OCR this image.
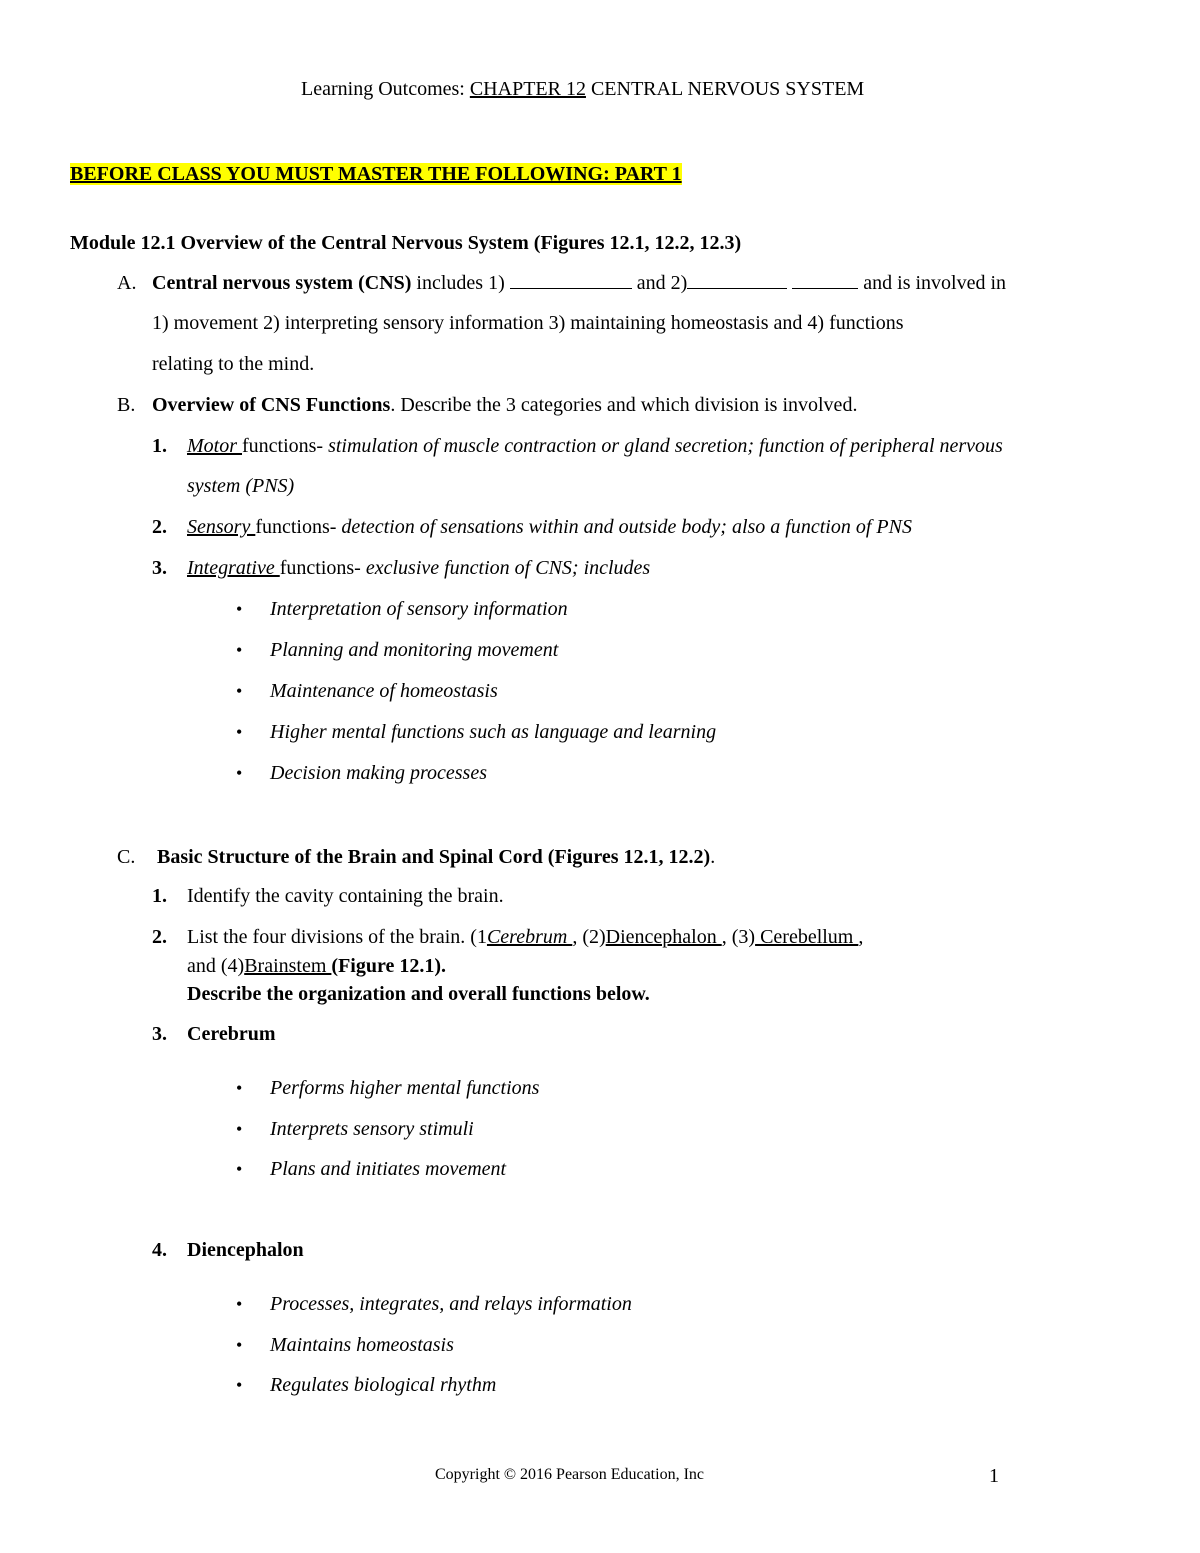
Learning Outcomes: CHAPTER 12 CENTRAL NERVOUS SYSTEM
BEFORE CLASS YOU MUST MASTER THE FOLLOWING: PART 1
Module 12.1 Overview of the Central Nervous System (Figures 12.1, 12.2, 12.3)
A. Central nervous system (CNS) includes 1)	and 2)	and is involved in
1) movement 2) interpreting sensory information 3) maintaining homeostasis and 4) functions
relating to the mind.
B. Overview of CNS Functions. Describe the 3 categories and which division is involved.
1. Motor functions- stimulation of muscle contraction or gland secretion; function of peripheral nervous
system (PNS)
2. Sensory functions- detection of sensations within and outside body; also a function of PNS
3. Integrative functions- exclusive function of CNS; includes
• Interpretation of sensory information
• Planning and monitoring movement
• Maintenance of homeostasis
• Higher mental functions such as language and learning
• Decision making processes
C. Basic Structure of the Brain and Spinal Cord (Figures 12.1, 12.2).
1. Identify the cavity containing the brain.
2. List the four divisions of the brain. (1Cerebrum , (2)Diencephalon , (3) Cerebellum ,
and (4)Brainstem (Figure 12.1).
Describe the organization and overall functions below.
3. Cerebrum
• Performs higher mental functions
• Interprets sensory stimuli
• Plans and initiates movement
4. Diencephalon
• Processes, integrates, and relays information
• Maintains homeostasis
• Regulates biological rhythm
Copyright © 2016 Pearson Education, Inc	1
